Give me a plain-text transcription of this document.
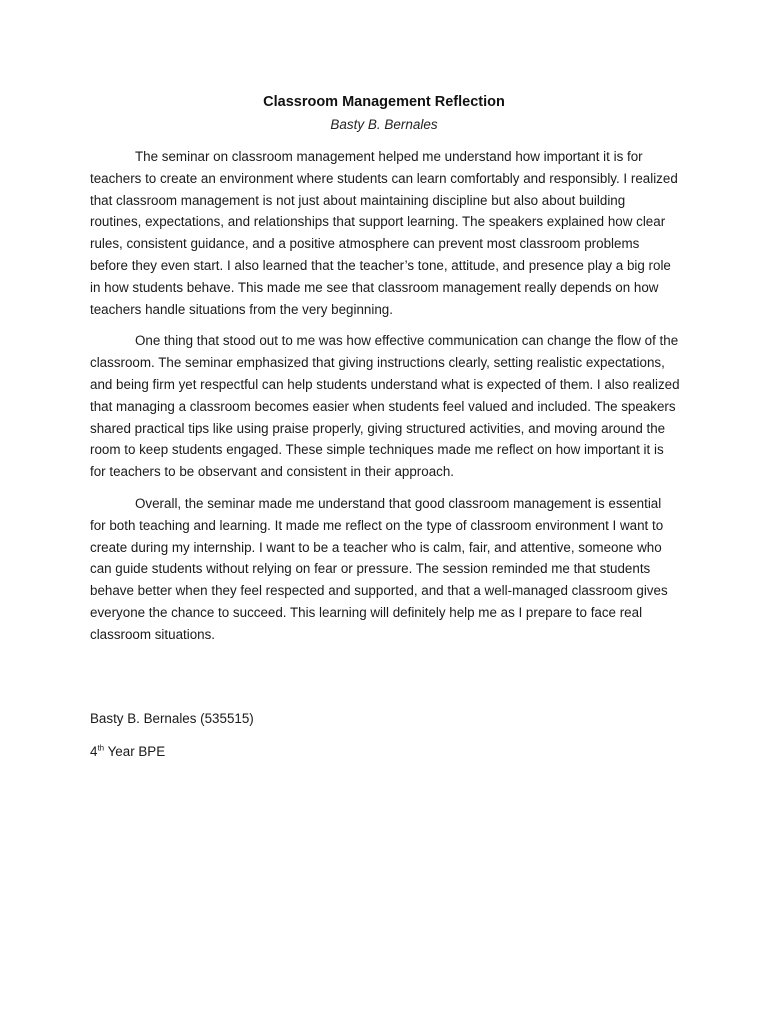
Classroom Management Reflection
Basty B. Bernales

The seminar on classroom management helped me understand how important it is for teachers to create an environment where students can learn comfortably and responsibly. I realized that classroom management is not just about maintaining discipline but also about building routines, expectations, and relationships that support learning. The speakers explained how clear rules, consistent guidance, and a positive atmosphere can prevent most classroom problems before they even start. I also learned that the teacher’s tone, attitude, and presence play a big role in how students behave. This made me see that classroom management really depends on how teachers handle situations from the very beginning.

One thing that stood out to me was how effective communication can change the flow of the classroom. The seminar emphasized that giving instructions clearly, setting realistic expectations, and being firm yet respectful can help students understand what is expected of them. I also realized that managing a classroom becomes easier when students feel valued and included. The speakers shared practical tips like using praise properly, giving structured activities, and moving around the room to keep students engaged. These simple techniques made me reflect on how important it is for teachers to be observant and consistent in their approach.

Overall, the seminar made me understand that good classroom management is essential for both teaching and learning. It made me reflect on the type of classroom environment I want to create during my internship. I want to be a teacher who is calm, fair, and attentive, someone who can guide students without relying on fear or pressure. The session reminded me that students behave better when they feel respected and supported, and that a well-managed classroom gives everyone the chance to succeed. This learning will definitely help me as I prepare to face real classroom situations.

Basty B. Bernales (535515)
4th Year BPE
